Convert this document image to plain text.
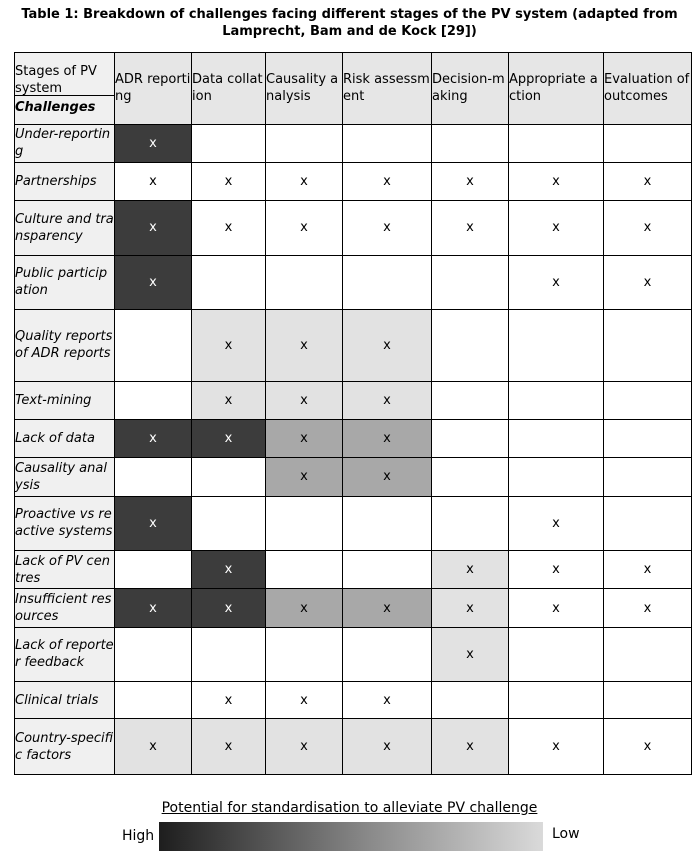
Table 1: Breakdown of challenges facing different stages of the PV system (adapted from Lamprecht, Bam and de Kock [29])
Stages of PV system
Challenges	ADR reporting	Data collation	Causality analysis	Risk assessment	Decision-making	Appropriate action	Evaluation of outcomes
Under-reporting	x						
Partnerships	x	x	x	x	x	x	x
Culture and transparency	x	x	x	x	x	x	x
Public participation	x					x	x
Quality reports of ADR reports		x	x	x			
Text-mining		x	x	x			
Lack of data	x	x	x	x			
Causality analysis			x	x			
Proactive vs reactive systems	x					x	
Lack of PV centres		x			x	x	x
Insufficient resources	x	x	x	x	x	x	x
Lack of reporter feedback					x		
Clinical trials		x	x	x			
Country-specific factors	x	x	x	x	x	x	x
Potential for standardisation to alleviate PV challenge
High	Low
